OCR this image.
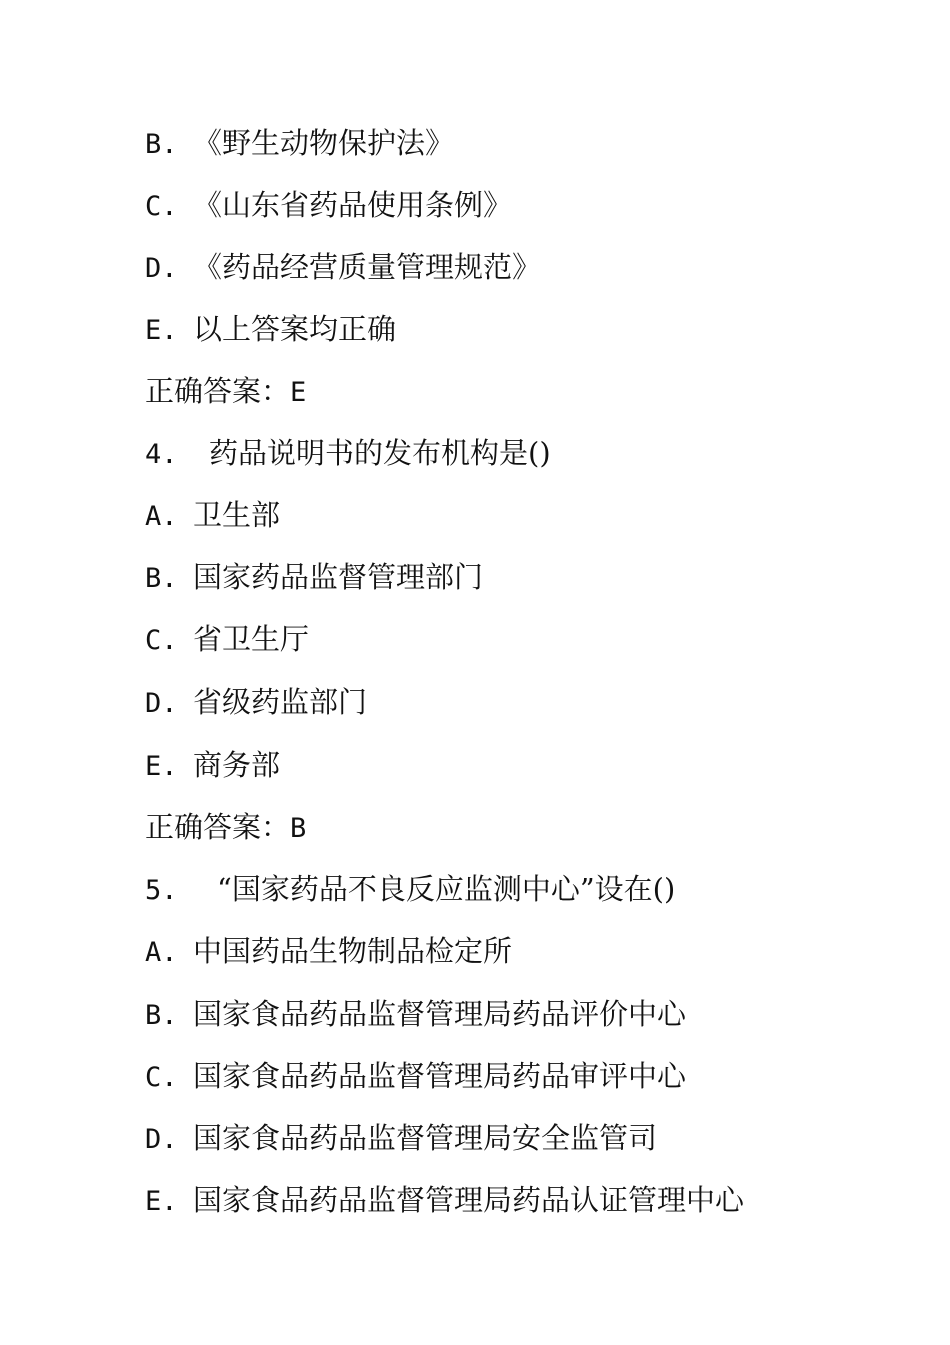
B. 《野生动物保护法》
C. 《山东省药品使用条例》
D. 《药品经营质量管理规范》
E. 以上答案均正确
正确答案：E
4. 药品说明书的发布机构是()
A. 卫生部
B. 国家药品监督管理部门
C. 省卫生厅
D. 省级药监部门
E. 商务部
正确答案：B
5. “国家药品不良反应监测中心”设在()
A. 中国药品生物制品检定所
B. 国家食品药品监督管理局药品评价中心
C. 国家食品药品监督管理局药品审评中心
D. 国家食品药品监督管理局安全监管司
E. 国家食品药品监督管理局药品认证管理中心
